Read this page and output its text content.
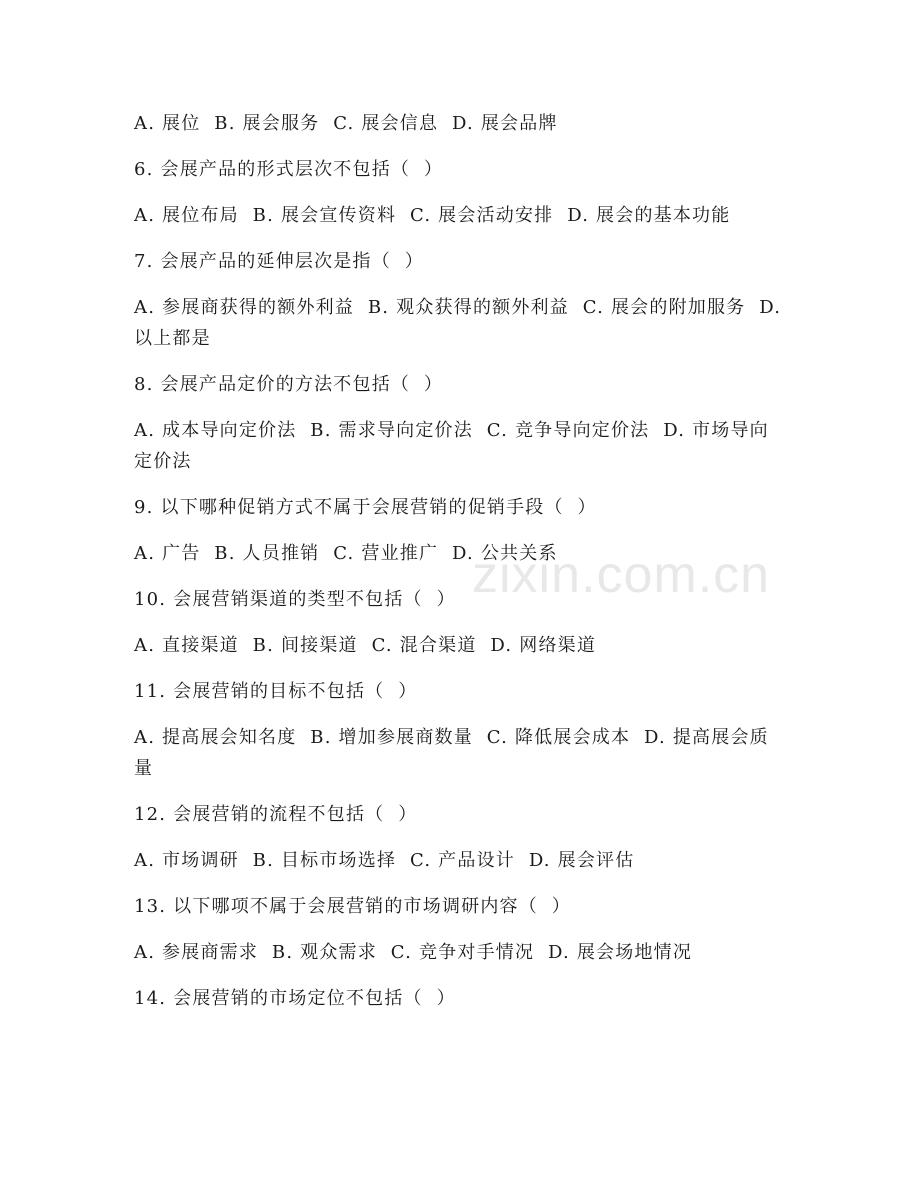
A. 展位  B. 展会服务  C. 展会信息  D. 展会品牌

6. 会展产品的形式层次不包括（  ）

A. 展位布局  B. 展会宣传资料  C. 展会活动安排  D. 展会的基本功能

7. 会展产品的延伸层次是指（  ）

A. 参展商获得的额外利益  B. 观众获得的额外利益  C. 展会的附加服务  D. 以上都是

8. 会展产品定价的方法不包括（  ）

A. 成本导向定价法  B. 需求导向定价法  C. 竞争导向定价法  D. 市场导向定价法

9. 以下哪种促销方式不属于会展营销的促销手段（  ）

A. 广告  B. 人员推销  C. 营业推广  D. 公共关系

10. 会展营销渠道的类型不包括（  ）

A. 直接渠道  B. 间接渠道  C. 混合渠道  D. 网络渠道

11. 会展营销的目标不包括（  ）

A. 提高展会知名度  B. 增加参展商数量  C. 降低展会成本  D. 提高展会质量

12. 会展营销的流程不包括（  ）

A. 市场调研  B. 目标市场选择  C. 产品设计  D. 展会评估

13. 以下哪项不属于会展营销的市场调研内容（  ）

A. 参展商需求  B. 观众需求  C. 竞争对手情况  D. 展会场地情况

14. 会展营销的市场定位不包括（  ）

zixin.com.cn
